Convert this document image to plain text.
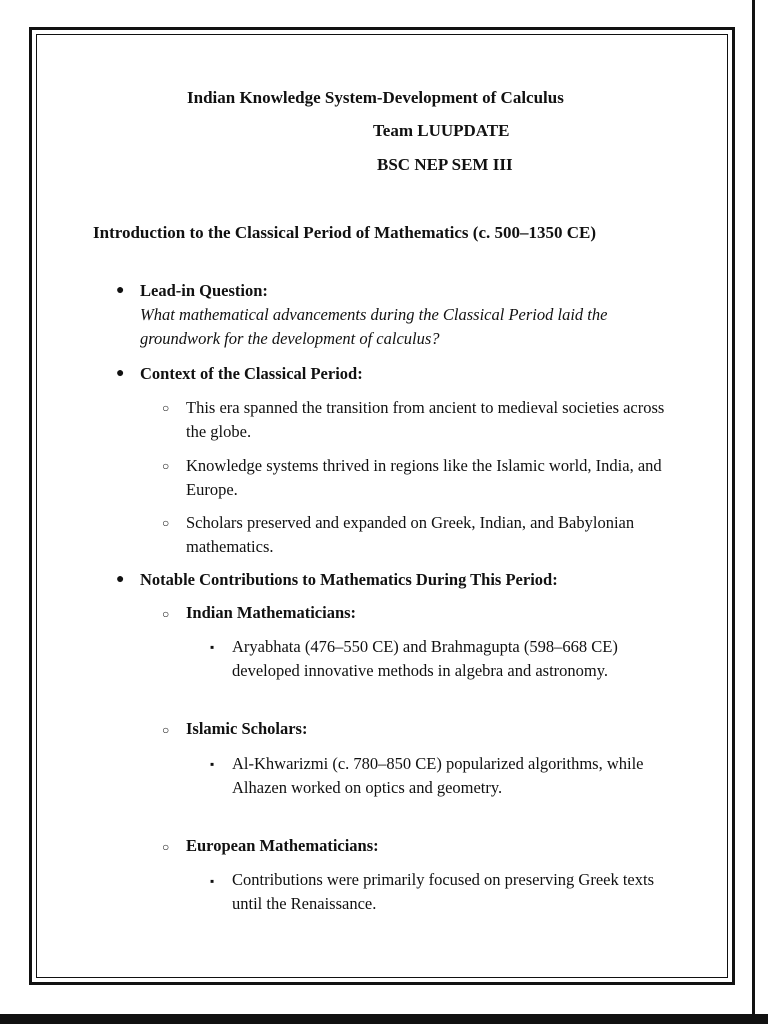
Indian Knowledge System-Development of Calculus
Team LUUPDATE
BSC NEP SEM III
Introduction to the Classical Period of Mathematics (c. 500–1350 CE)
● Lead-in Question:
What mathematical advancements during the Classical Period laid the groundwork for the development of calculus?
● Context of the Classical Period:
○ This era spanned the transition from ancient to medieval societies across the globe.
○ Knowledge systems thrived in regions like the Islamic world, India, and Europe.
○ Scholars preserved and expanded on Greek, Indian, and Babylonian mathematics.
● Notable Contributions to Mathematics During This Period:
○ Indian Mathematicians:
▪ Aryabhata (476–550 CE) and Brahmagupta (598–668 CE) developed innovative methods in algebra and astronomy.
○ Islamic Scholars:
▪ Al-Khwarizmi (c. 780–850 CE) popularized algorithms, while Alhazen worked on optics and geometry.
○ European Mathematicians:
▪ Contributions were primarily focused on preserving Greek texts until the Renaissance.
